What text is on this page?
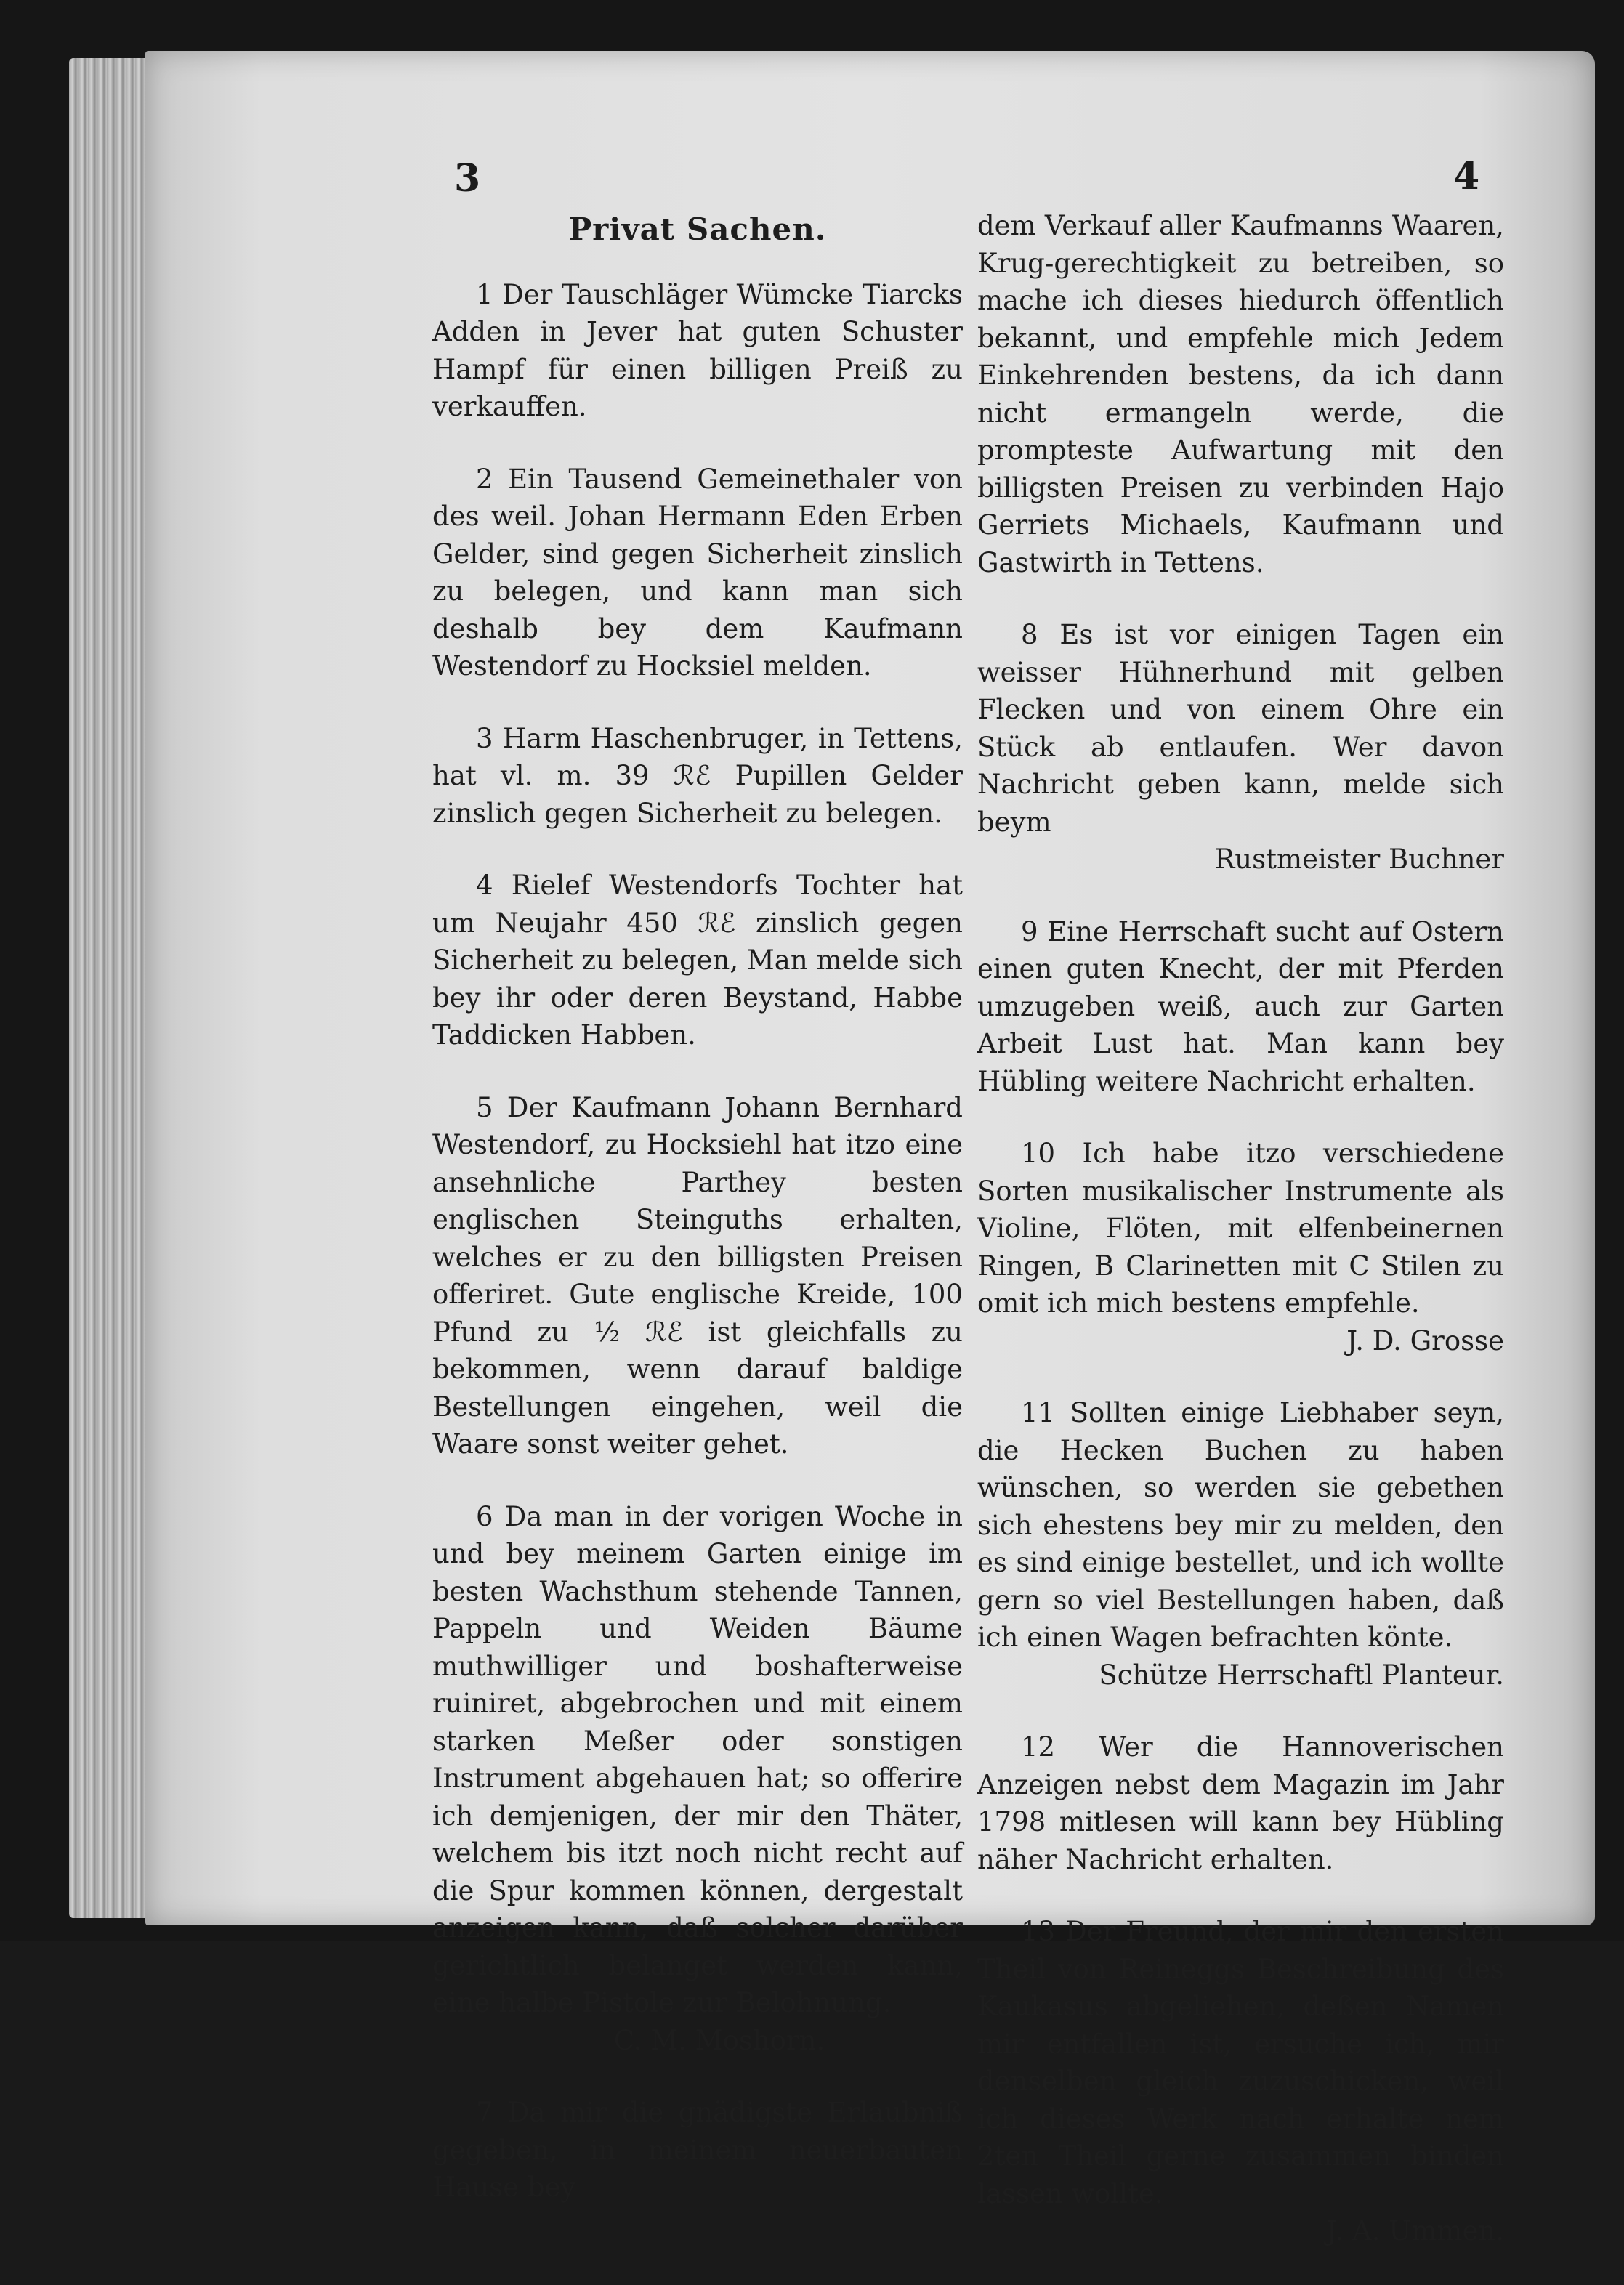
3	4
Privat Sachen.

1 Der Tauschläger Wümcke Tiarcks Adden in Jever hat guten Schuster Hampf für einen billigen Preiß zu verkauffen.

2 Ein Tausend Gemeinethaler von des weil. Johan Hermann Eden Erben Gelder, sind gegen Sicherheit zinslich zu belegen, und kann man sich deshalb bey dem Kaufmann Westendorf zu Hocksiel melden.

3 Harm Haschenbruger, in Tettens, hat vl. m. 39 ℛℰ Pupillen Gelder zinslich gegen Sicherheit zu belegen.

4 Rielef Westendorfs Tochter hat um Neujahr 450 ℛℰ zinslich gegen Sicherheit zu belegen, Man melde sich bey ihr oder deren Beystand, Habbe Taddicken Habben.

5 Der Kaufmann Johann Bernhard Westendorf, zu Hocksiehl hat itzo eine ansehnliche Parthey besten englischen Steinguths erhalten, welches er zu den billigsten Preisen offeriret. Gute englische Kreide, 100 Pfund zu ½ ℛℰ ist gleichfalls zu bekommen, wenn darauf baldige Bestellungen eingehen, weil die Waare sonst weiter gehet.

6 Da man in der vorigen Woche in und bey meinem Garten einige im besten Wachsthum stehende Tannen, Pappeln und Weiden Bäume muthwilliger und boshafterweise ruiniret, abgebrochen und mit einem starken Meßer oder sonstigen Instrument abgehauen hat; so offerire ich demjenigen, der mir den Thäter, welchem bis itzt noch nicht recht auf die Spur kommen können, dergestalt anzeigen kann, daß solcher darüber gerichtlich belanget werden kann, eine halbe Pistole zur Belohnung.

C. M. Moshorn.

7 Da mir die gnädigste Erlaubniß gegeben, in meinem neuerbauten Hause bey

dem Verkauf aller Kaufmanns Waaren, Krug-gerechtigkeit zu betreiben, so mache ich dieses hiedurch öffentlich bekannt, und empfehle mich Jedem Einkehrenden bestens, da ich dann nicht ermangeln werde, die prompteste Aufwartung mit den billigsten Preisen zu verbinden Hajo Gerriets Michaels, Kaufmann und Gastwirth in Tettens.

8 Es ist vor einigen Tagen ein weisser Hühnerhund mit gelben Flecken und von einem Ohre ein Stück ab entlaufen. Wer davon Nachricht geben kann, melde sich beym

Rustmeister Buchner

9 Eine Herrschaft sucht auf Ostern einen guten Knecht, der mit Pferden umzugeben weiß, auch zur Garten Arbeit Lust hat. Man kann bey Hübling weitere Nachricht erhalten.

10 Ich habe itzo verschiedene Sorten musikalischer Instrumente als Violine, Flöten, mit elfenbeinernen Ringen, B Clarinetten mit C Stilen zu omit ich mich bestens empfehle.

J. D. Grosse

11 Sollten einige Liebhaber seyn, die Hecken Buchen zu haben wünschen, so werden sie gebethen sich ehestens bey mir zu melden, den es sind einige bestellet, und ich wollte gern so viel Bestellungen haben, daß ich einen Wagen befrachten könte.

Schütze Herrschaftl Planteur.

12 Wer die Hannoverischen Anzeigen nebst dem Magazin im Jahr 1798 mitlesen will kann bey Hübling näher Nachricht erhalten.

13 Der Freund, der mir den ersten Theil von Reineggs Beschreibung des Kaukasus abgeliehen, deßen Namen mir entfallen ist, ersuche ich, mir denselben gleich zuzuschicken, weil ich dieses Werk nach erhalte nem 2ten Theil gerne zusammen binden lassen wollte.

J. A. Ummen.
